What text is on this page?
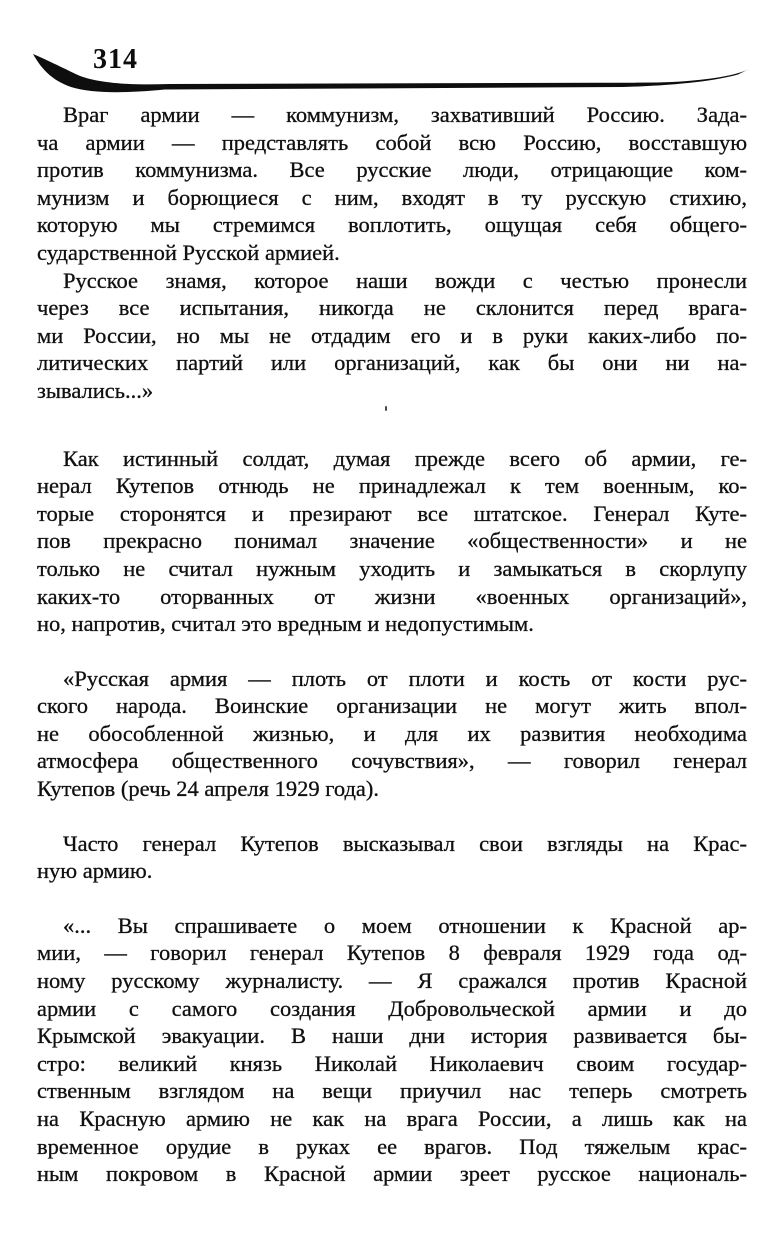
314
Враг армии — коммунизм, захвативший Россию. Зада-
ча армии — представлять собой всю Россию, восставшую
против коммунизма. Все русские люди, отрицающие ком-
мунизм и борющиеся с ним, входят в ту русскую стихию,
которую мы стремимся воплотить, ощущая себя общего-
сударственной Русской армией.
Русское знамя, которое наши вожди с честью пронесли
через все испытания, никогда не склонится перед врага-
ми России, но мы не отдадим его и в руки каких-либо по-
литических партий или организаций, как бы они ни на-
зывались...»
Как истинный солдат, думая прежде всего об армии, ге-
нерал Кутепов отнюдь не принадлежал к тем военным, ко-
торые сторонятся и презирают все штатское. Генерал Куте-
пов прекрасно понимал значение «общественности» и не
только не считал нужным уходить и замыкаться в скорлупу
каких-то оторванных от жизни «военных организаций»,
но, напротив, считал это вредным и недопустимым.
«Русская армия — плоть от плоти и кость от кости рус-
ского народа. Воинские организации не могут жить впол-
не обособленной жизнью, и для их развития необходима
атмосфера общественного сочувствия», — говорил генерал
Кутепов (речь 24 апреля 1929 года).
Часто генерал Кутепов высказывал свои взгляды на Крас-
ную армию.
«... Вы спрашиваете о моем отношении к Красной ар-
мии, — говорил генерал Кутепов 8 февраля 1929 года од-
ному русскому журналисту. — Я сражался против Красной
армии с самого создания Добровольческой армии и до
Крымской эвакуации. В наши дни история развивается бы-
стро: великий князь Николай Николаевич своим государ-
ственным взглядом на вещи приучил нас теперь смотреть
на Красную армию не как на врага России, а лишь как на
временное орудие в руках ее врагов. Под тяжелым крас-
ным покровом в Красной армии зреет русское националь-
